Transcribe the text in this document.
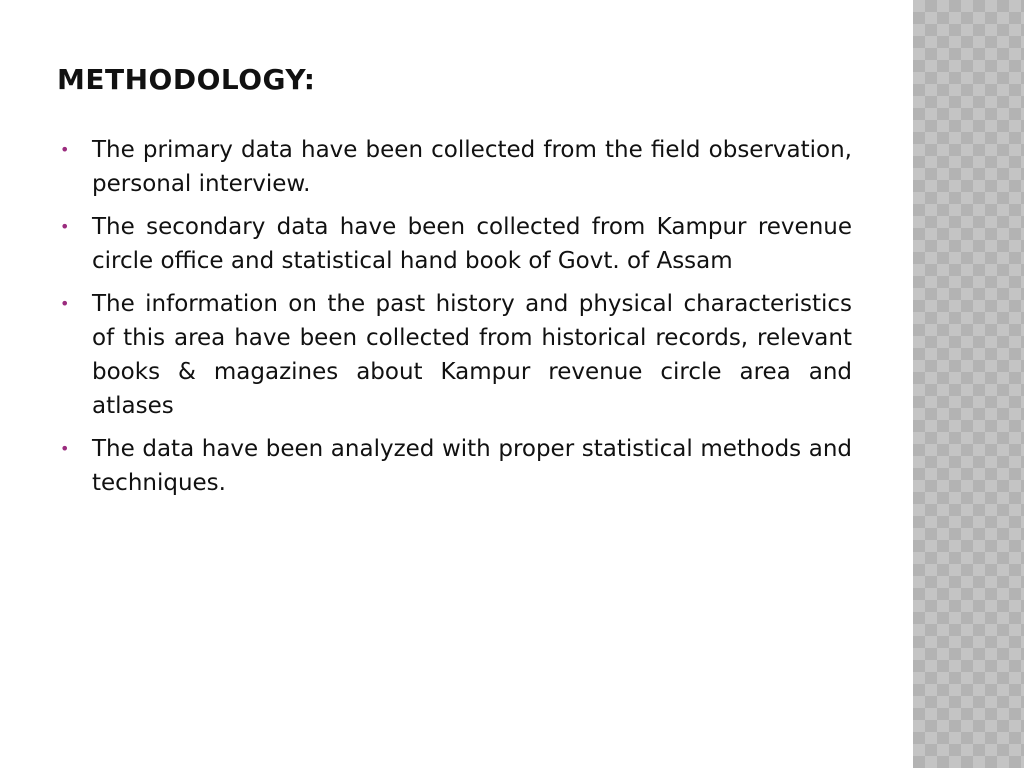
METHODOLOGY:
• The primary data have been collected from the field observation, personal interview.
• The secondary data have been collected from Kampur revenue circle office and statistical hand book of Govt. of Assam
• The information on the past history and physical characteristics of this area have been collected from historical records, relevant books & magazines about Kampur revenue circle area and atlases
• The data have been analyzed with proper statistical methods and techniques.
